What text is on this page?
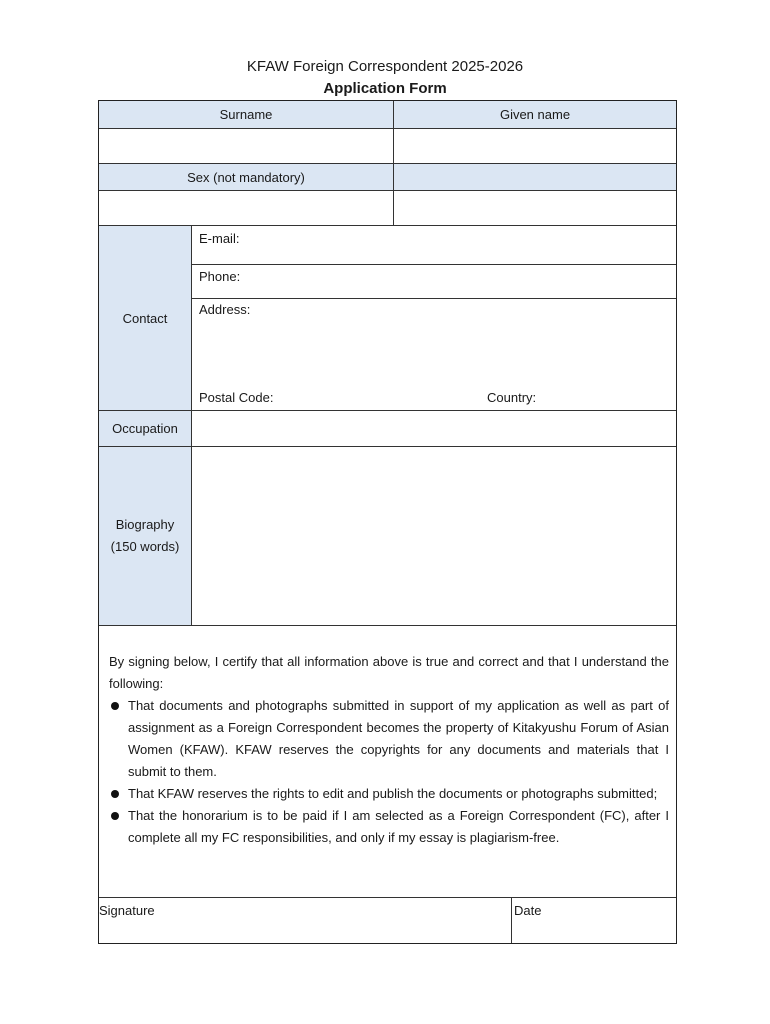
KFAW Foreign Correspondent 2025-2026
Application Form
Surname	Given name
Sex (not mandatory)
Contact
E-mail:
Phone:
Address:
Postal Code:	Country:
Occupation
Biography
(150 words)

By signing below, I certify that all information above is true and correct and that I understand the following:

That documents and photographs submitted in support of my application as well as part of assignment as a Foreign Correspondent becomes the property of Kitakyushu Forum of Asian Women (KFAW). KFAW reserves the copyrights for any documents and materials that I submit to them.
That KFAW reserves the rights to edit and publish the documents or photographs submitted;
That the honorarium is to be paid if I am selected as a Foreign Correspondent (FC), after I complete all my FC responsibilities, and only if my essay is plagiarism-free.
Signature	Date
